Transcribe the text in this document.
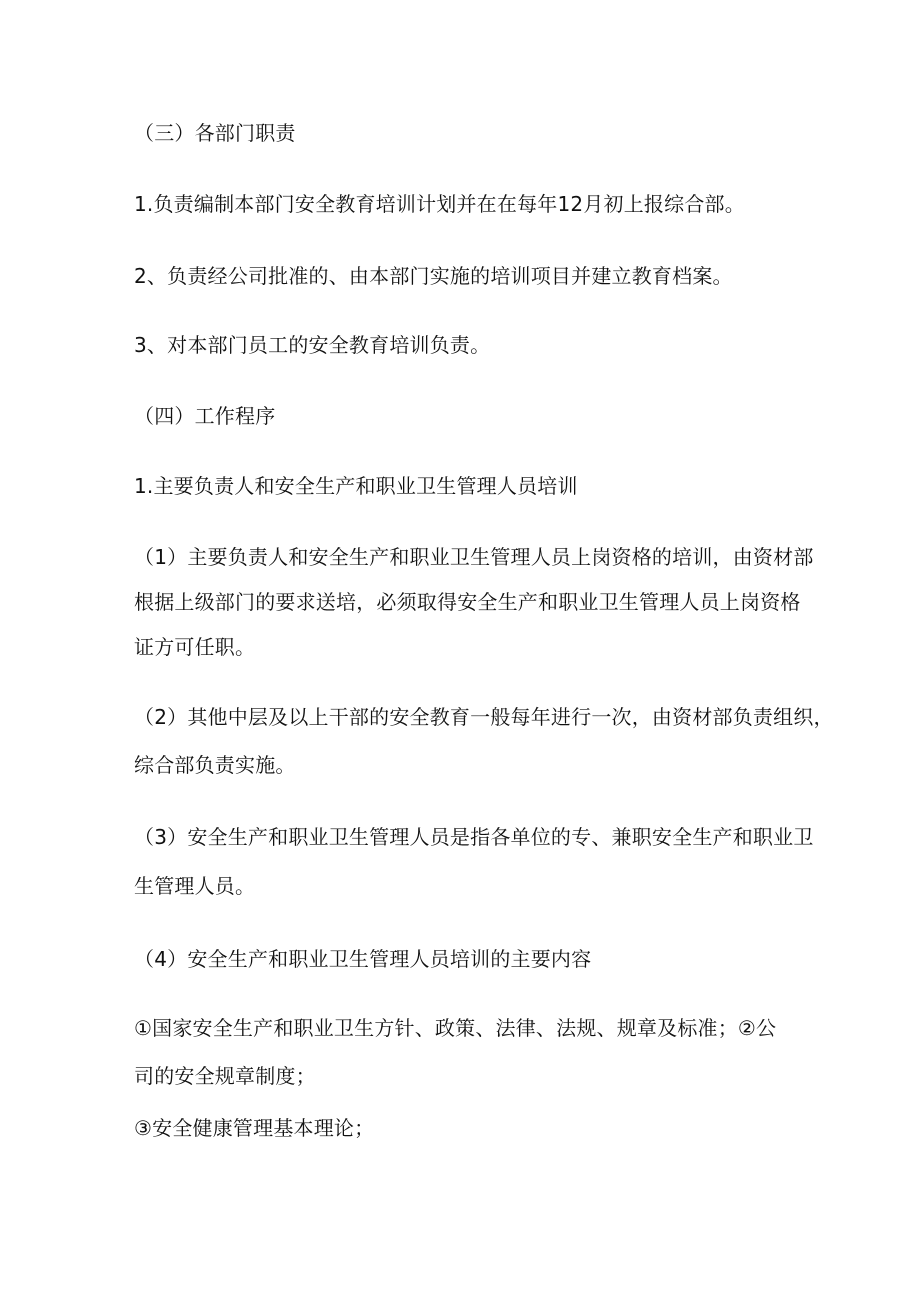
（三）各部门职责
1.负责编制本部门安全教育培训计划并在在每年12月初上报综合部。
2、负责经公司批准的、由本部门实施的培训项目并建立教育档案。
3、对本部门员工的安全教育培训负责。
（四）工作程序
1.主要负责人和安全生产和职业卫生管理人员培训
（1）主要负责人和安全生产和职业卫生管理人员上岗资格的培训，由资材部
根据上级部门的要求送培，必须取得安全生产和职业卫生管理人员上岗资格
证方可任职。
（2）其他中层及以上干部的安全教育一般每年进行一次，由资材部负责组织，
综合部负责实施。
（3）安全生产和职业卫生管理人员是指各单位的专、兼职安全生产和职业卫
生管理人员。
（4）安全生产和职业卫生管理人员培训的主要内容
①国家安全生产和职业卫生方针、政策、法律、法规、规章及标准；②公
司的安全规章制度；
③安全健康管理基本理论；
